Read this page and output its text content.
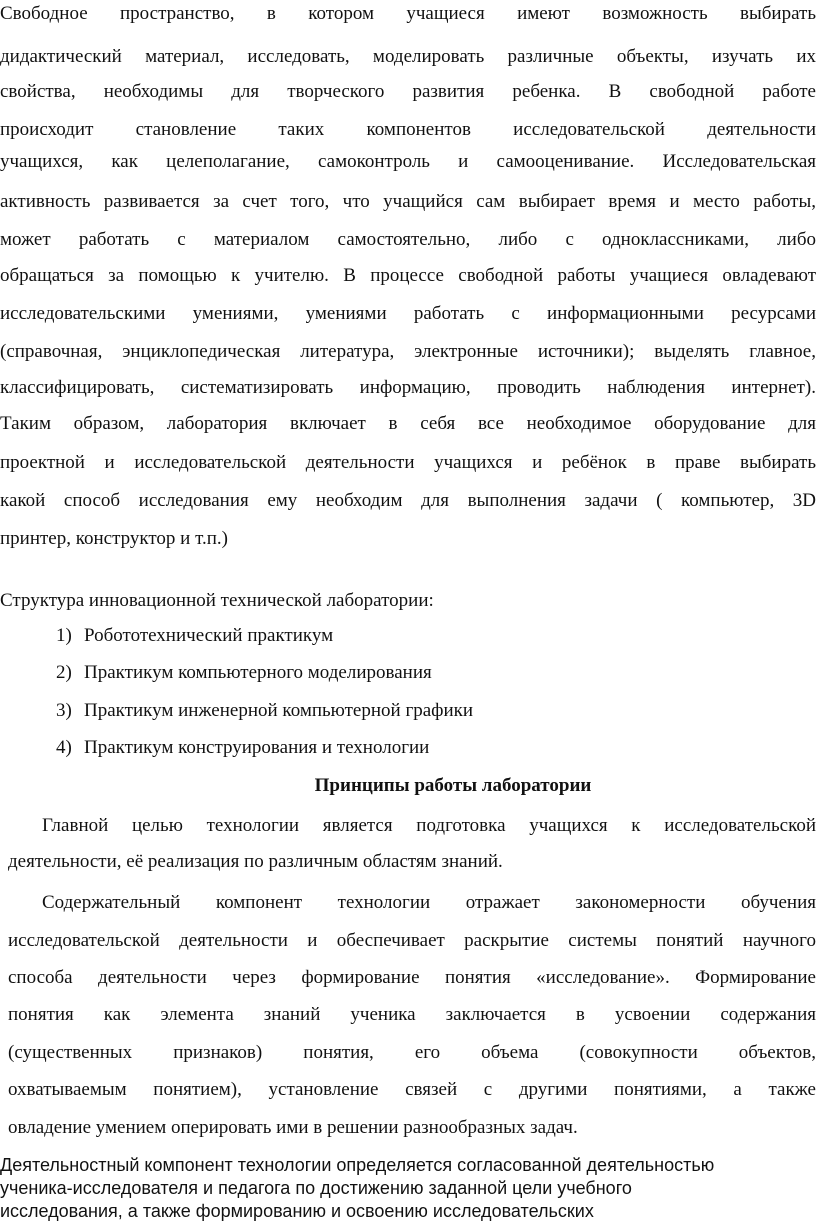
Свободное пространство, в котором учащиеся имеют возможность выбирать

дидактический материал, исследовать, моделировать различные объекты, изучать их

свойства, необходимы для творческого развития ребенка. В свободной работе

происходит становление таких компонентов исследовательской деятельности

учащихся, как целеполагание, самоконтроль и самооценивание. Исследовательская

активность развивается за счет того, что учащийся сам выбирает время и место работы,

может работать с материалом самостоятельно, либо с одноклассниками, либо

обращаться за помощью к учителю. В процессе свободной работы учащиеся овладевают

исследовательскими умениями, умениями работать с информационными ресурсами

(справочная, энциклопедическая литература, электронные источники); выделять главное,

классифицировать, систематизировать информацию, проводить наблюдения интернет).

Таким образом, лаборатория включает в себя все необходимое оборудование для

проектной и исследовательской деятельности учащихся и ребёнок в праве выбирать

какой способ исследования ему необходим для выполнения задачи ( компьютер, 3D

принтер, конструктор и т.п.)

Структура инновационной технической лаборатории:

1) Робототехнический практикум

2) Практикум компьютерного моделирования

3) Практикум инженерной компьютерной графики

4) Практикум конструирования и технологии

Принципы работы лаборатории

Главной целью технологии является подготовка учащихся к исследовательской

деятельности, её реализация по различным областям знаний.

Содержательный компонент технологии отражает закономерности обучения

исследовательской деятельности и обеспечивает раскрытие системы понятий научного

способа деятельности через формирование понятия «исследование». Формирование

понятия как элемента знаний ученика заключается в усвоении содержания

(существенных признаков) понятия, его объема (совокупности объектов,

охватываемым понятием), установление связей с другими понятиями, а также

овладение умением оперировать ими в решении разнообразных задач.

Деятельностный компонент технологии определяется согласованной деятельностью

ученика-исследователя и педагога по достижению заданной цели учебного

исследования, а также формированию и освоению исследовательских
